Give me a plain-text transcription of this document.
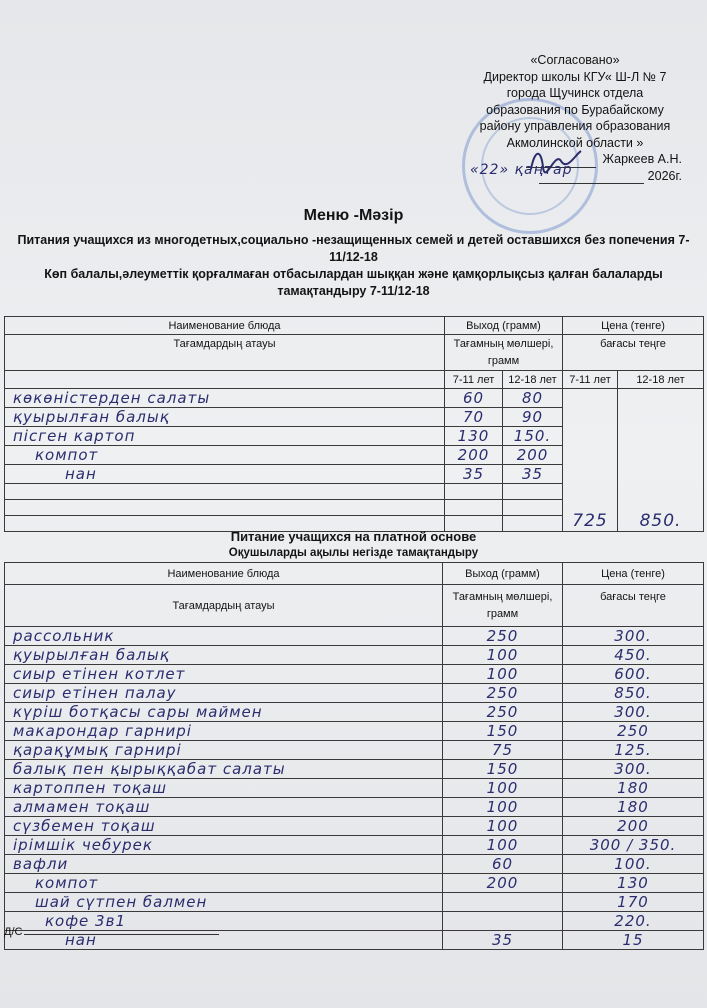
«Согласовано»
Директор школы КГУ« Ш-Л № 7
города Щучинск отдела
образования по Бурабайскому
району управления образования
Акмолинской области »
Жаркеев А.Н.
2026г.
«22» қаңтар
Меню -Мәзір
Питания учащихся из многодетных,социально -незащищенных семей и детей оставшихся без попечения 7-11/12-18
Көп балалы,әлеуметтік қорғалмаған отбасылардан шыққан және қамқорлықсыз қалған балаларды тамақтандыру 7-11/12-18
Наименование блюда	Выход (грамм)		Цена (тенге)	
Тағамдардың атауы	Тағамның мөлшері, грамм		бағасы теңге	
	7-11 лет	12-18 лет	7-11 лет	12-18 лет
көкөністерден салаты	60	80	725	850.
қуырылған балық	70	90		
пісген картоп	130	150.		
компот	200	200		
нан	35	35		

Питание учащихся на платной основе
Оқушыларды ақылы негізде тамақтандыру
Наименование блюда	Выход (грамм)	Цена (тенге)
Тағамдардың атауы	Тағамның мөлшері, грамм	бағасы теңге
рассольник	250	300.
қуырылған балық	100	450.
сиыр етінен котлет	100	600.
сиыр етінен палау	250	850.
күріш ботқасы сары маймен	250	300.
макарондар гарнирі	150	250
қарақұмық гарнирі	75	125.
балық пен қырыққабат салаты	150	300.
картоппен тоқаш	100	180
алмамен тоқаш	100	180
сүзбемен тоқаш	100	200
ірімшік чебурек	100	300 / 350.
вафли	60	100.
компот	200	130
шай сүтпен балмен		170
кофе 3в1		220.
нан	35	15
Д/С
